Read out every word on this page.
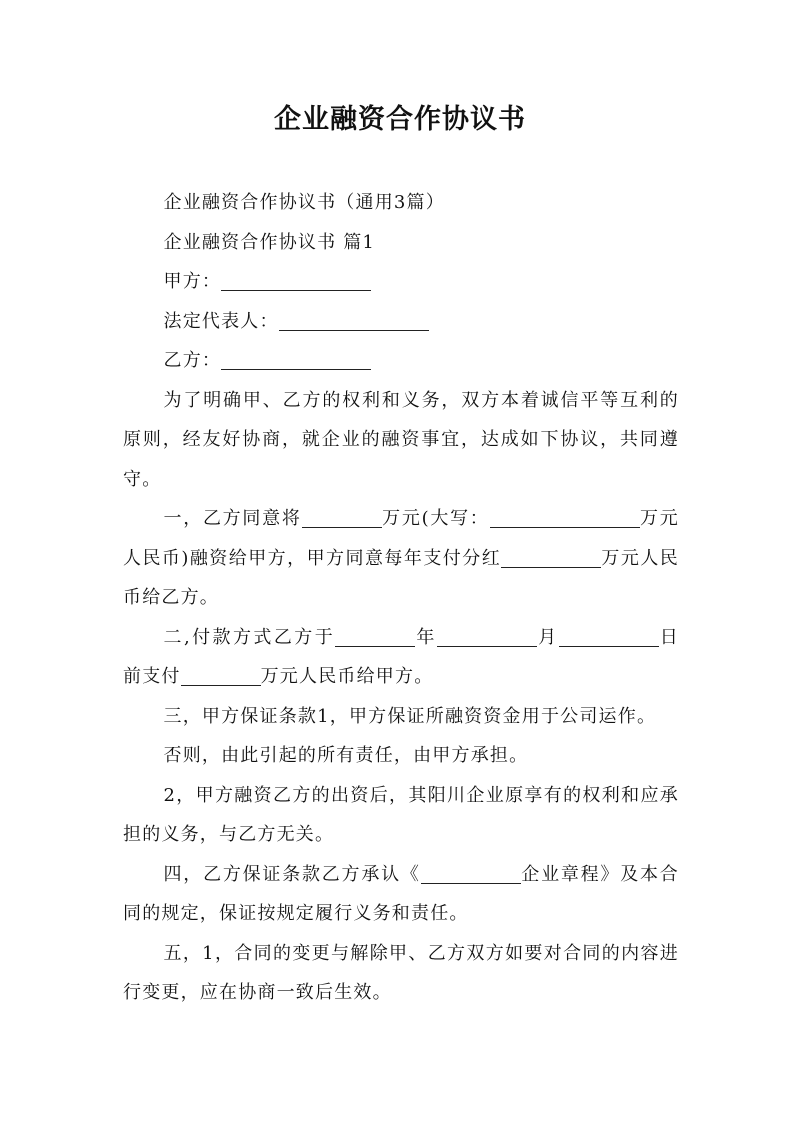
企业融资合作协议书

企业融资合作协议书（通用3篇）

企业融资合作协议书 篇1

甲方：

法定代表人：

乙方：

为了明确甲、乙方的权利和义务，双方本着诚信平等互利的原则，经友好协商，就企业的融资事宜，达成如下协议，共同遵守。

一，乙方同意将	万元(大写：	万元人民币)融资给甲方，甲方同意每年支付分红	万元人民币给乙方。

二,付款方式乙方于	年	月	日前支付	万元人民币给甲方。

三，甲方保证条款1，甲方保证所融资资金用于公司运作。

否则，由此引起的所有责任，由甲方承担。

2，甲方融资乙方的出资后，其阳川企业原享有的权利和应承担的义务，与乙方无关。

四，乙方保证条款乙方承认《	企业章程》及本合同的规定，保证按规定履行义务和责任。

五，1，合同的变更与解除甲、乙方双方如要对合同的内容进行变更，应在协商一致后生效。
